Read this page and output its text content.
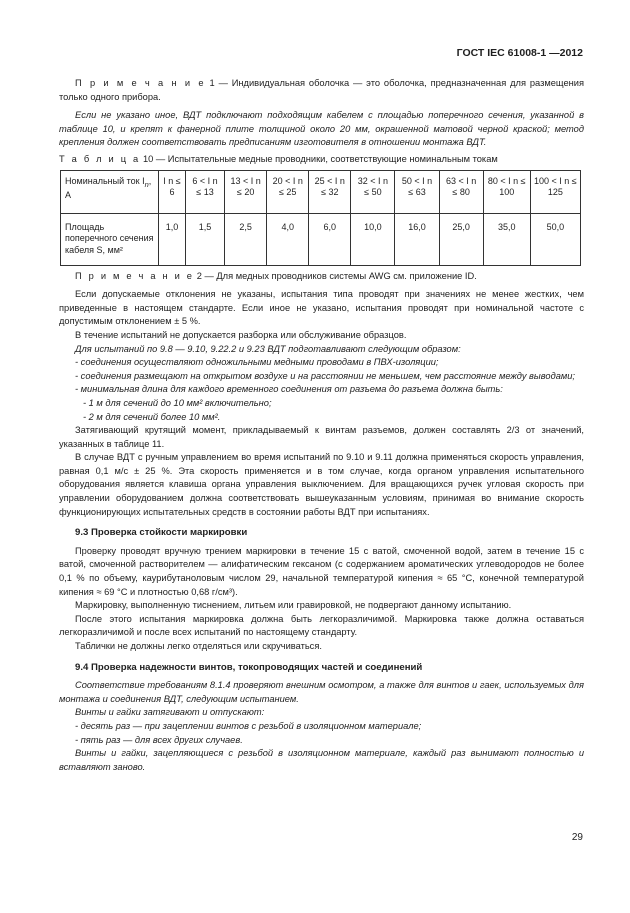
ГОСТ IEC 61008-1 —2012

П р и м е ч а н и е 1 — Индивидуальная оболочка — это оболочка, предназначенная для размещения только одного прибора.

Если не указано иное, ВДТ подключают подходящим кабелем с площадью поперечного сечения, указанной в таблице 10, и крепят к фанерной плите толщиной около 20 мм, окрашенной матовой черной краской; метод крепления должен соответствовать предписаниям изготовителя в отношении монтажа ВДТ.

Т а б л и ц а 10 — Испытательные медные проводники, соответствующие номинальным токам

Номинальный ток $I_n$, А	I n ≤ 6	6 < I n ≤ 13	13 < I n ≤ 20	20 < I n ≤ 25	25 < I n ≤ 32	32 < I n ≤ 50	50 < I n ≤ 63	63 < I n ≤ 80	80 < I n ≤ 100	100 < I n ≤ 125
Площадь поперечного сечения кабеля S, мм²	1,0	1,5	2,5	4,0	6,0	10,0	16,0	25,0	35,0	50,0

П р и м е ч а н и е 2 — Для медных проводников системы AWG см. приложение ID.

Если допускаемые отклонения не указаны, испытания типа проводят при значениях не менее жестких, чем приведенные в настоящем стандарте. Если иное не указано, испытания проводят при номинальной частоте с допустимым отклонением ± 5 %.

В течение испытаний не допускается разборка или обслуживание образцов.

Для испытаний по 9.8 — 9.10, 9.22.2 и 9.23 ВДТ подготавливают следующим образом:

- соединения осуществляют одножильными медными проводами в ПВХ-изоляции;

- соединения размещают на открытом воздухе и на расстоянии не меньшем, чем расстояние между выводами;

- минимальная длина для каждого временного соединения от разъема до разъема должна быть:

- 1 м для сечений до 10 мм² включительно;

- 2 м для сечений более 10 мм².

Затягивающий крутящий момент, прикладываемый к винтам разъемов, должен составлять 2/3 от значений, указанных в таблице 11.

В случае ВДТ с ручным управлением во время испытаний по 9.10 и 9.11 должна применяться скорость управления, равная 0,1 м/с ± 25 %. Эта скорость применяется и в том случае, когда органом управления испытательного оборудования является клавиша органа управления выключением. Для вращающихся ручек угловая скорость при управлении оборудованием должна соответствовать вышеуказанным условиям, принимая во внимание скорость функционирующих испытательных средств в состоянии работы ВДТ при испытаниях.

9.3 Проверка стойкости маркировки

Проверку проводят вручную трением маркировки в течение 15 с ватой, смоченной водой, затем в течение 15 с ватой, смоченной растворителем — алифатическим гексаном (с содержанием ароматических углеводородов не более 0,1 % по объему, каурибутаноловым числом 29, начальной температурой кипения ≈ 65 °С, конечной температурой кипения ≈ 69 °С и плотностью 0,68 г/см³).

Маркировку, выполненную тиснением, литьем или гравировкой, не подвергают данному испытанию.

После этого испытания маркировка должна быть легкоразличимой. Маркировка также должна оставаться легкоразличимой и после всех испытаний по настоящему стандарту.

Таблички не должны легко отделяться или скручиваться.

9.4 Проверка надежности винтов, токопроводящих частей и соединений

Соответствие требованиям 8.1.4 проверяют внешним осмотром, а также для винтов и гаек, используемых для монтажа и соединения ВДТ, следующим испытанием.

Винты и гайки затягивают и отпускают:

- десять раз — при зацеплении винтов с резьбой в изоляционном материале;

- пять раз — для всех других случаев.

Винты и гайки, зацепляющиеся с резьбой в изоляционном материале, каждый раз вынимают полностью и вставляют заново.

29
